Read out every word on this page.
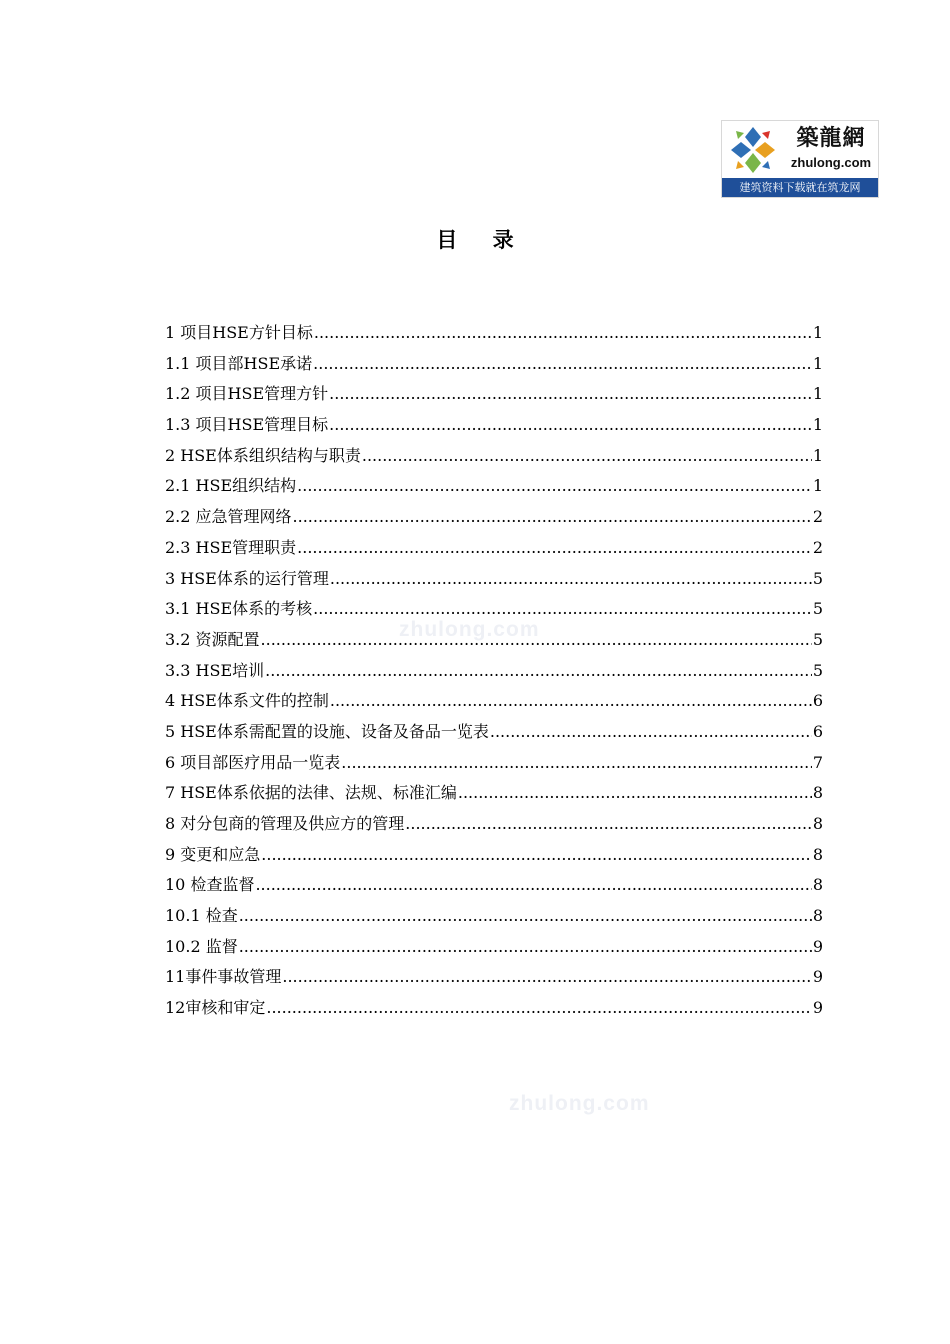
築龍網
zhulong.com
建筑资料下载就在筑龙网
目 录
1 项目HSE方针目标 .....	1
1.1 项目部HSE承诺 .....	1
1.2 项目HSE管理方针 .....	1
1.3 项目HSE管理目标 .....	1
2 HSE体系组织结构与职责 .....	1
2.1 HSE组织结构 .....	1
2.2 应急管理网络 .....	2
2.3 HSE管理职责 .....	2
3 HSE体系的运行管理 .....	5
3.1 HSE体系的考核 .....	5
3.2 资源配置 .....	5
3.3 HSE培训 .....	5
4 HSE体系文件的控制 .....	6
5 HSE体系需配置的设施、设备及备品一览表 .....	6
6 项目部医疗用品一览表 .....	7
7 HSE体系依据的法律、法规、标准汇编 .....	8
8 对分包商的管理及供应方的管理 .....	8
9 变更和应急 .....	8
10 检查监督 .....	8
10.1 检查 .....	8
10.2 监督 .....	9
11事件事故管理 .....	9
12审核和审定 .....	9
zhulong.com
zhulong.com
